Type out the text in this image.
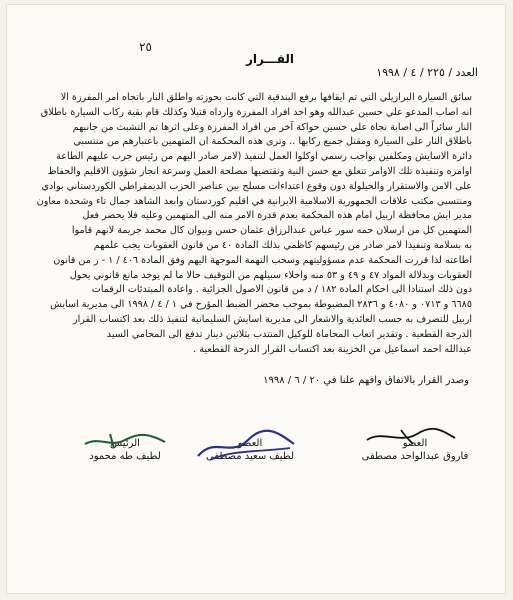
٢٥
القـــرار
العدد / ٢٢٥ / ٤ / ١٩٩٨

سائق السيارة البرازيلي التي تم ايقافها برفع البندقية التي كانت بحوزته واطلق النار باتجاه امر المفرزة الا

انه اصاب المدعو علي حسين عبدالله وهو احد افراد المفرزة وارداه قتيلا وكذلك قام بقية ركاب السيارة باطلاق

النار سائراً الى اصابة نجاة علي حسين حواكة آخر من افراد المفرزة وعلى اثرها تم التشبث من جانبهم

باطلاق النار على السيارة ومقتل جميع ركابها .. وترى هذه المحكمة ان المتهمين باعتبارهم من منتسبي

دائرة الاسايش ومكلفين بواجب رسمي اوكلوا العمل لتنفيذ (لامر صادر اليهم من رئيس جرب عليهم الطاعة

اوامره وتنفيذه تلك الاوامر تتعلق مع حسن النية وتقتضيها مصلحة العمل وسرعة انجاز شؤون الاقليم والحفاظ

على الامن والاستقرار والحيلولة دون وقوع اعتداءات مسلح بين عناصر الحزب الديمقراطي الكوردستاني بوادي

ومنتسبي مكتب علاقات الجمهورية الاسلامية الايرانية في اقليم كوردستان وابعد الشاهد جمال تاء وشحدة معاون

مدير ايش محافظة اربيل امام هذه المحكمة بعدم قدرة الامر منه الى المتهمين وعليه فلا يحضر فعل

المتهمين كل من ارسلان حمه سور عباس عبدالرزاق عثمان حسن وبيوان كال محمد جريمة لانهم قاموا

به بسلامة وتنفيذا لامر صادر من رئيسهم كاظمي بذلك المادة ٤٠ من قانون العقوبات يجب علمهم

اطاعته لذا قررت المحكمة عدم مسؤوليتهم وسحب التهمة الموجهة اليهم وفق المادة ٤٠٦ / ١ - ز من قانون

العقوبات وبدلالة المواد ٤٧ و ٤٩ و ٥٣ منه واخلاء سبيلهم من التوقيف حالا ما لم يوجد مانع قانوني يحول

دون ذلك استنادا الى احكام المادة ١٨٢ / د من قانون الاصول الجزائية . واعادة المبتدئات الرقمات

٦٦٨٥ و ٠٧١٣ و ٤٠٨٠ و ٢٨٣٦ المضبوطة بموجب محضر الضبط المؤرخ في ١ / ٤ / ١٩٩٨ الى مديرية اسايش

اربيل للتصرف به حسب العائدية والاشعار الى مديرية اسايش السليمانية لتنفيذ ذلك بعد اكتساب القرار

الدرجة القطعية . وتقدير اتعاب المحاماة للوكيل المنتدب بثلاثين دينار تدفع الى المحامي السيد

عبدالله احمد اسماعيل من الخزينة بعد اكتساب القرار الدرجة القطعية .

وصدر القرار بالاتفاق وافهم علنا في ٢٠ / ٦ / ١٩٩٨
الرئيس
لطيف طه محمود
العضو
لطيف سعيد مصطفى
العضو
فاروق عبدالواحد مصطفى
